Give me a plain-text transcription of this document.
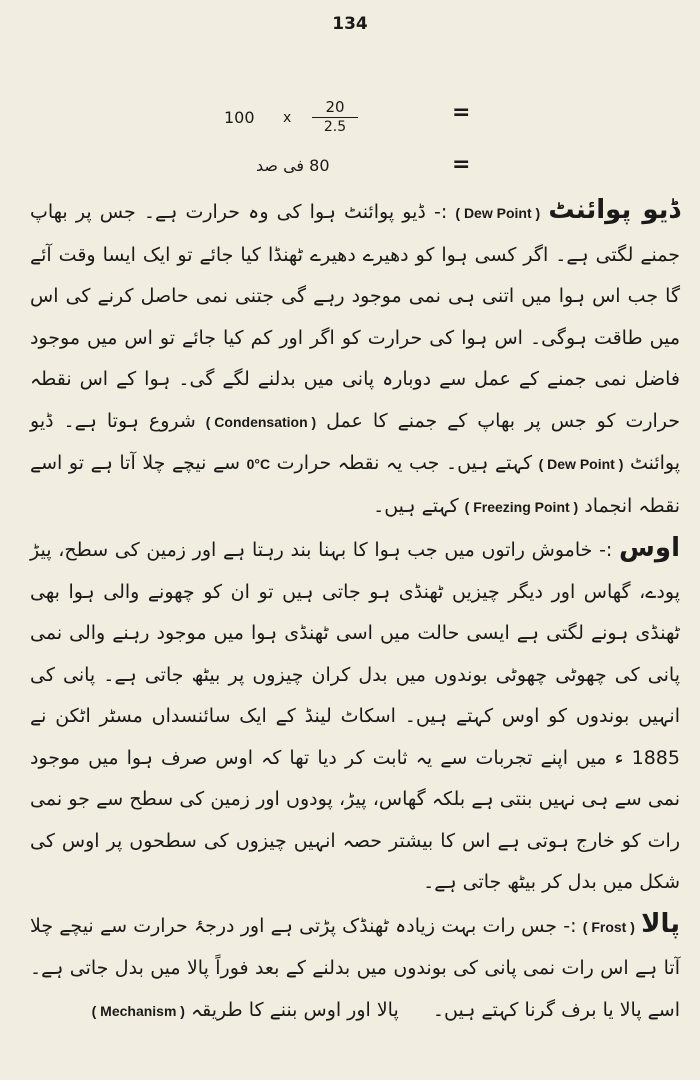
134
100 x $\frac{20}{2.5}$	=
80 فی صد	=

ڈیو پوائنٹ ( Dew Point ) :- ڈیو پوائنٹ ہوا کی وہ حرارت ہے۔ جس پر بھاپ جمنے لگتی ہے۔ اگر کسی ہوا کو دھیرے دھیرے ٹھنڈا کیا جائے تو ایک ایسا وقت آئے گا جب اس ہوا میں اتنی ہی نمی موجود رہے گی جتنی نمی حاصل کرنے کی اس میں طاقت ہوگی۔ اس ہوا کی حرارت کو اگر اور کم کیا جائے تو اس میں موجود فاضل نمی جمنے کے عمل سے دوبارہ پانی میں بدلنے لگے گی۔ ہوا کے اس نقطہ حرارت کو جس پر بھاپ کے جمنے کا عمل ( Condensation ) شروع ہوتا ہے۔ ڈیو پوائنٹ ( Dew Point ) کہتے ہیں۔ جب یہ نقطہ حرارت 0°C سے نیچے چلا آتا ہے تو اسے نقطہ انجماد ( Freezing Point ) کہتے ہیں۔

اوس :- خاموش راتوں میں جب ہوا کا بہنا بند رہتا ہے اور زمین کی سطح، پیڑ پودے، گھاس اور دیگر چیزیں ٹھنڈی ہو جاتی ہیں تو ان کو چھونے والی ہوا بھی ٹھنڈی ہونے لگتی ہے ایسی حالت میں اسی ٹھنڈی ہوا میں موجود رہنے والی نمی پانی کی چھوٹی چھوٹی بوندوں میں بدل کران چیزوں پر بیٹھ جاتی ہے۔ پانی کی انہیں بوندوں کو اوس کہتے ہیں۔ اسکاٹ لینڈ کے ایک سائنسداں مسٹر اٹکن نے 1885 ء میں اپنے تجربات سے یہ ثابت کر دیا تھا کہ اوس صرف ہوا میں موجود نمی سے ہی نہیں بنتی ہے بلکہ گھاس، پیڑ، پودوں اور زمین کی سطح سے جو نمی رات کو خارج ہوتی ہے اس کا بیشتر حصہ انہیں چیزوں کی سطحوں پر اوس کی شکل میں بدل کر بیٹھ جاتی ہے۔

پالا ( Frost ) :- جس رات بہت زیادہ ٹھنڈک پڑتی ہے اور درجۂ حرارت سے نیچے چلا آتا ہے اس رات نمی پانی کی بوندوں میں بدلنے کے بعد فوراً پالا میں بدل جاتی ہے۔ اسے پالا یا برف گرنا کہتے ہیں۔  پالا اور اوس بننے کا طریقہ ( Mechanism )
